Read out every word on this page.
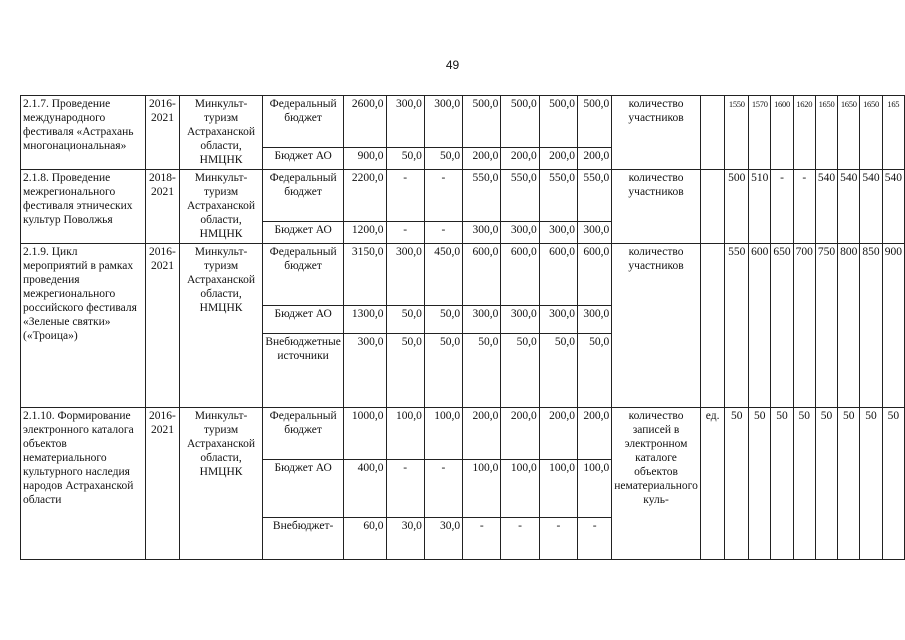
49
2.1.7. Проведение международного фестиваля «Астрахань многонациональная»	2016-2021	Минкульт-туризм Астраханской области, НМЦНК	Федеральный бюджет	2600,0	300,0	300,0	500,0	500,0	500,0	500,0	количество участников		1550	1570	1600	1620	1650	1650	1650	165
			Бюджет АО	900,0	50,0	50,0	200,0	200,0	200,0	200,0										
2.1.8. Проведение межрегионального фестиваля этнических культур Поволжья	2018-2021	Минкульт-туризм Астраханской области, НМЦНК	Федеральный бюджет	2200,0	-	-	550,0	550,0	550,0	550,0	количество участников		500	510	-	-	540	540	540	540
			Бюджет АО	1200,0	-	-	300,0	300,0	300,0	300,0										
2.1.9. Цикл мероприятий в рамках проведения межрегионального российского фестиваля «Зеленые святки» («Троица»)	2016-2021	Минкульт-туризм Астраханской области, НМЦНК	Федеральный бюджет	3150,0	300,0	450,0	600,0	600,0	600,0	600,0	количество участников		550	600	650	700	750	800	850	900
			Бюджет АО	1300,0	50,0	50,0	300,0	300,0	300,0	300,0										
			Внебюджетные источники	300,0	50,0	50,0	50,0	50,0	50,0	50,0										
2.1.10. Формирование электронного каталога объектов нематериального культурного наследия народов Астраханской области	2016-2021	Минкульт-туризм Астраханской области, НМЦНК	Федеральный бюджет	1000,0	100,0	100,0	200,0	200,0	200,0	200,0	количество записей в электронном каталоге объектов нематериального куль-	ед.	50	50	50	50	50	50	50	50
			Бюджет АО	400,0	-	-	100,0	100,0	100,0	100,0										
			Внебюджет-	60,0	30,0	30,0	-	-	-	-										
